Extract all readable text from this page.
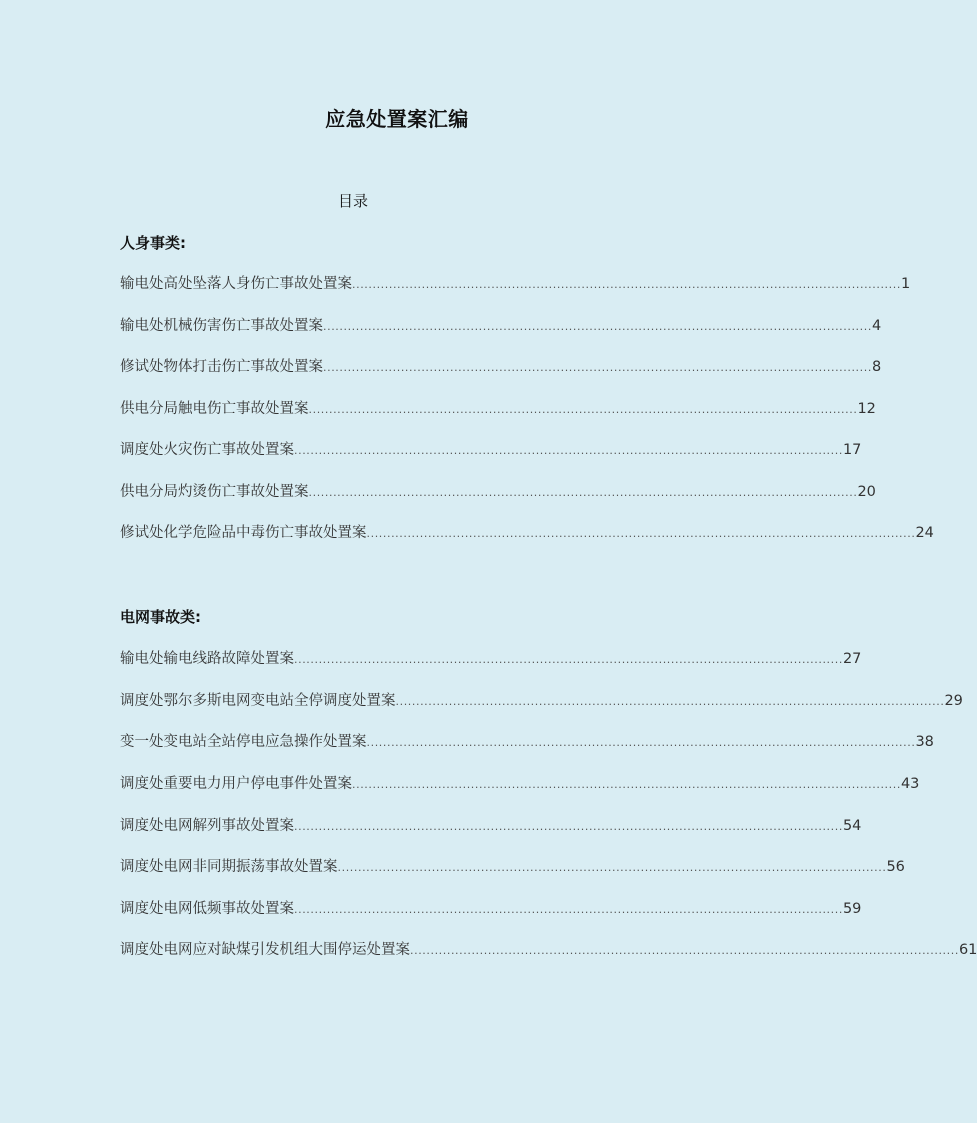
应急处置案汇编
目录
人身事类:
输电处高处坠落人身伤亡事故处置案 ...................................................................................................................................... 1
输电处机械伤害伤亡事故处置案 ...................................................................................................................................... 4
修试处物体打击伤亡事故处置案 ...................................................................................................................................... 8
供电分局触电伤亡事故处置案 ...................................................................................................................................... 12
调度处火灾伤亡事故处置案 ...................................................................................................................................... 17
供电分局灼烫伤亡事故处置案 ...................................................................................................................................... 20
修试处化学危险品中毒伤亡事故处置案 ...................................................................................................................................... 24
电网事故类:
输电处输电线路故障处置案 ...................................................................................................................................... 27
调度处鄂尔多斯电网变电站全停调度处置案 ...................................................................................................................................... 29
变一处变电站全站停电应急操作处置案 ...................................................................................................................................... 38
调度处重要电力用户停电事件处置案 ...................................................................................................................................... 43
调度处电网解列事故处置案 ...................................................................................................................................... 54
调度处电网非同期振荡事故处置案 ...................................................................................................................................... 56
调度处电网低频事故处置案 ...................................................................................................................................... 59
调度处电网应对缺煤引发机组大围停运处置案 ...................................................................................................................................... 61
